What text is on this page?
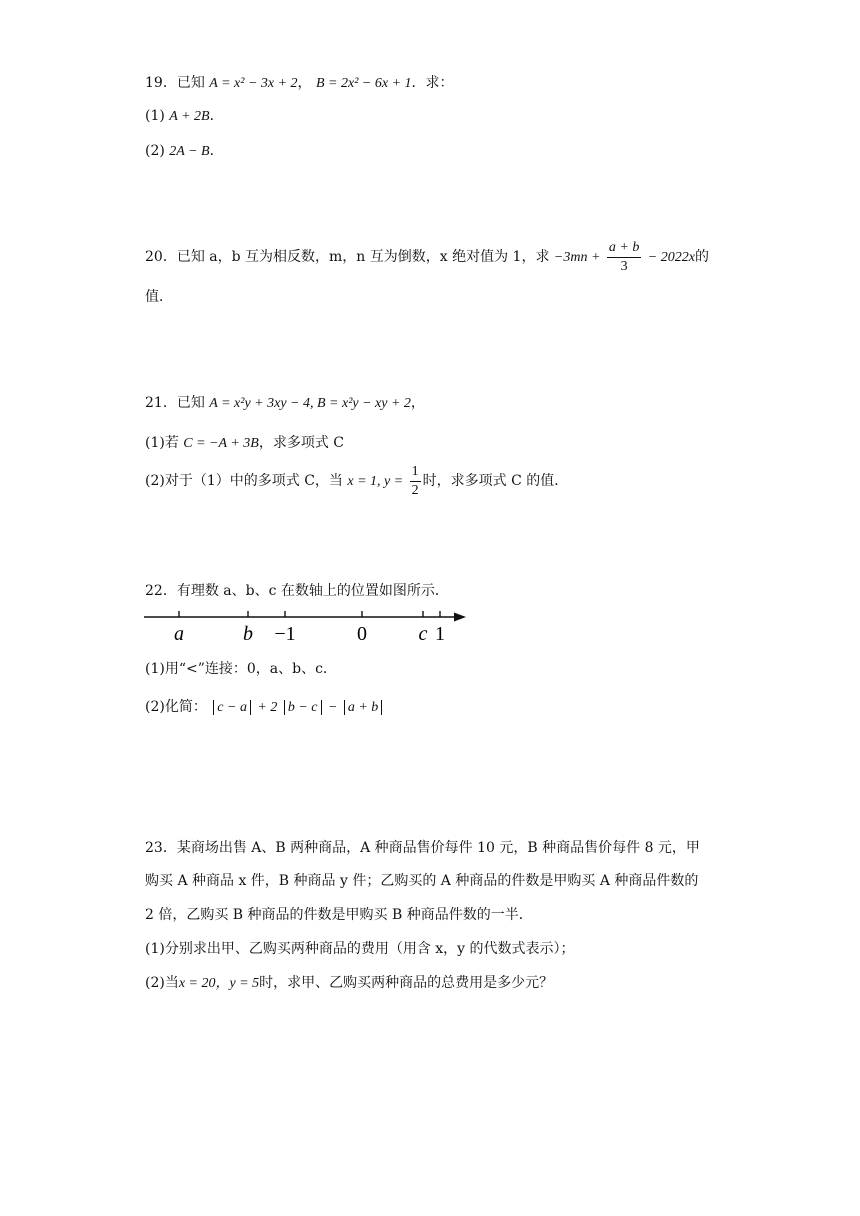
19．已知 A = x² − 3x + 2， B = 2x² − 6x + 1．求：
(1) A + 2B．
(2) 2A − B．
20．已知 a，b 互为相反数，m，n 互为倒数，x 绝对值为 1，求 $-3mn + \frac{a + b}{3} - 2022x$的
值．
21．已知 A = x²y + 3xy − 4, B = x²y − xy + 2，
(1)若 C = −A + 3B，求多项式 C
(2)对于（1）中的多项式 C，当 x = 1, $y = \frac{1}{2}$ 时，求多项式 C 的值．
22．有理数 a、b、c 在数轴上的位置如图所示．
a	b −1	0	c 1
(1)用“<”连接：0，a、b、c．
(2)化简： c − a + 2 b − c − a + b
23．某商场出售 A、B 两种商品，A 种商品售价每件 10 元，B 种商品售价每件 8 元，甲
购买 A 种商品 x 件，B 种商品 y 件；乙购买的 A 种商品的件数是甲购买 A 种商品件数的
2 倍，乙购买 B 种商品的件数是甲购买 B 种商品件数的一半．
(1)分别求出甲、乙购买两种商品的费用（用含 x，y 的代数式表示）；
(2)当x = 20，y = 5时，求甲、乙购买两种商品的总费用是多少元？
